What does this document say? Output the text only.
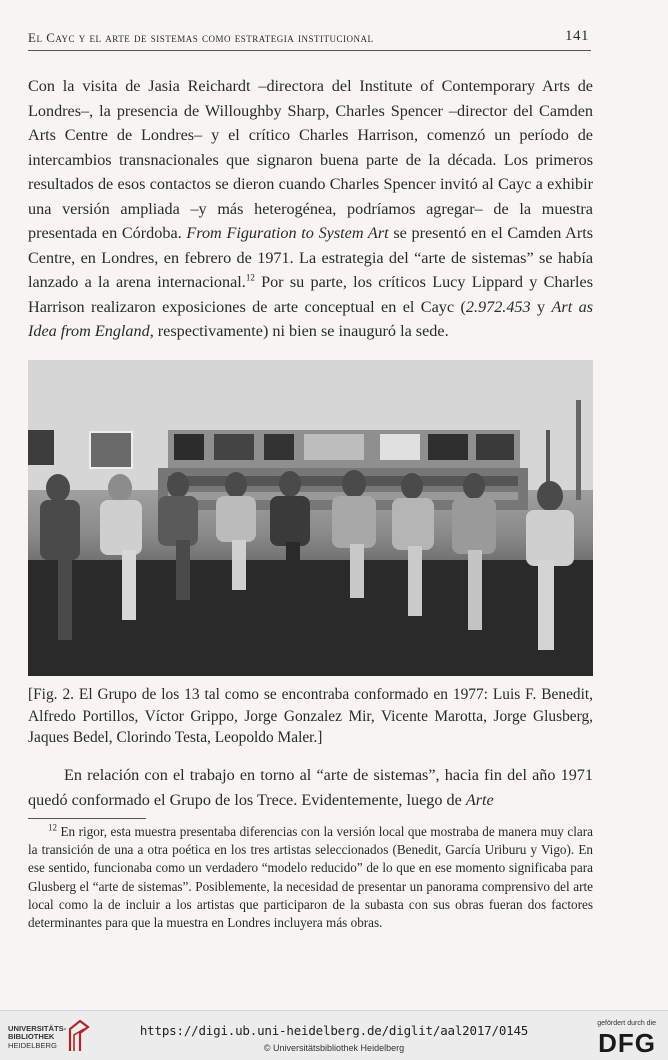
El Cayc y el arte de sistemas como estrategia institucional	141

Con la visita de Jasia Reichardt –directora del Institute of Contemporary Arts de Londres–, la presencia de Willoughby Sharp, Charles Spencer –director del Camden Arts Centre de Londres– y el crítico Charles Harrison, comenzó un período de intercambios transnacionales que signaron buena parte de la década. Los primeros resultados de esos contactos se dieron cuando Charles Spencer invitó al Cayc a exhibir una versión ampliada –y más heterogénea, podríamos agregar– de la muestra presentada en Córdoba. From Figuration to System Art se presentó en el Camden Arts Centre, en Londres, en febrero de 1971. La estrategia del “arte de sistemas” se había lanzado a la arena internacional.$^{12}$ Por su parte, los críticos Lucy Lippard y Charles Harrison realizaron exposiciones de arte conceptual en el Cayc (2.972.453 y Art as Idea from England, respectivamente) ni bien se inauguró la sede.

[Fig. 2. El Grupo de los 13 tal como se encontraba conformado en 1977: Luis F. Benedit, Alfredo Portillos, Víctor Grippo, Jorge Gonzalez Mir, Vicente Marotta, Jorge Glusberg, Jaques Bedel, Clorindo Testa, Leopoldo Maler.]

En relación con el trabajo en torno al “arte de sistemas”, hacia fin del año 1971 quedó conformado el Grupo de los Trece. Evidentemente, luego de Arte

$^{12}$ En rigor, esta muestra presentaba diferencias con la versión local que mostraba de manera muy clara la transición de una a otra poética en los tres artistas seleccionados (Benedit, García Uriburu y Vigo). En ese sentido, funcionaba como un verdadero “modelo reducido” de lo que en ese momento significaba para Glusberg el “arte de sistemas”. Posiblemente, la necesidad de presentar un panorama comprensivo del arte local como la de incluir a los artistas que participaron de la subasta con sus obras fueran dos factores determinantes para que la muestra en Londres incluyera más obras.

UNIVERSITÄTS-
BIBLIOTHEK
HEIDELBERG
https://digi.ub.uni-heidelberg.de/diglit/aal2017/0145
© Universitätsbibliothek Heidelberg
gefördert durch die
DFG
